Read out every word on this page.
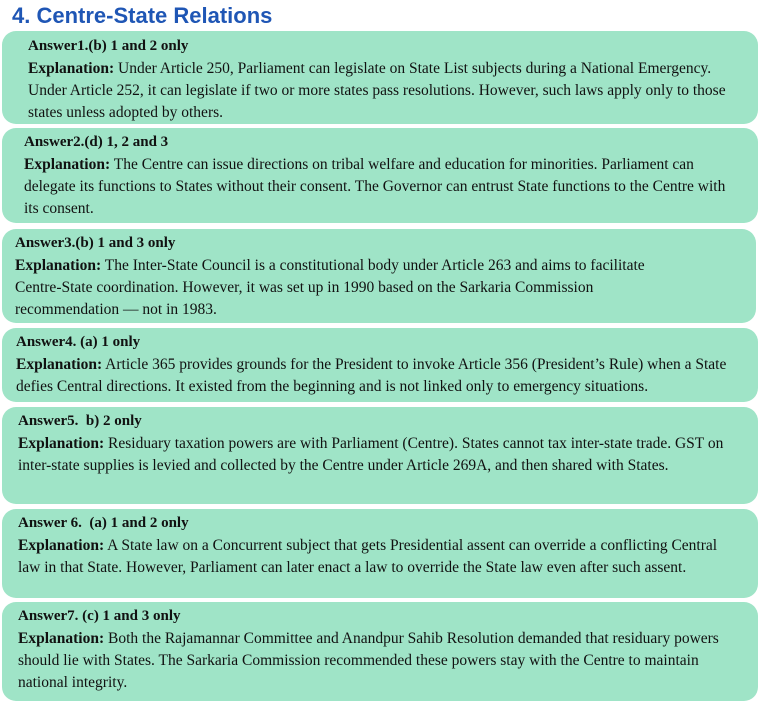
4. Centre-State Relations
Answer1.(b) 1 and 2 only

Explanation: Under Article 250, Parliament can legislate on State List subjects during a National Emergency. Under Article 252, it can legislate if two or more states pass resolutions. However, such laws apply only to those states unless adopted by others.

Answer2.(d) 1, 2 and 3

Explanation: The Centre can issue directions on tribal welfare and education for minorities. Parliament can delegate its functions to States without their consent. The Governor can entrust State functions to the Centre with its consent.

Answer3.(b) 1 and 3 only

Explanation: The Inter-State Council is a constitutional body under Article 263 and aims to facilitate Centre-State coordination. However, it was set up in 1990 based on the Sarkaria Commission recommendation — not in 1983.

Answer4. (a) 1 only

Explanation: Article 365 provides grounds for the President to invoke Article 356 (President’s Rule) when a State defies Central directions. It existed from the beginning and is not linked only to emergency situations.

Answer5.  b) 2 only

Explanation: Residuary taxation powers are with Parliament (Centre). States cannot tax inter-state trade. GST on inter-state supplies is levied and collected by the Centre under Article 269A, and then shared with States.

Answer 6.  (a) 1 and 2 only

Explanation: A State law on a Concurrent subject that gets Presidential assent can override a conflicting Central law in that State. However, Parliament can later enact a law to override the State law even after such assent.

Answer7. (c) 1 and 3 only

Explanation: Both the Rajamannar Committee and Anandpur Sahib Resolution demanded that residuary powers should lie with States. The Sarkaria Commission recommended these powers stay with the Centre to maintain national integrity.
